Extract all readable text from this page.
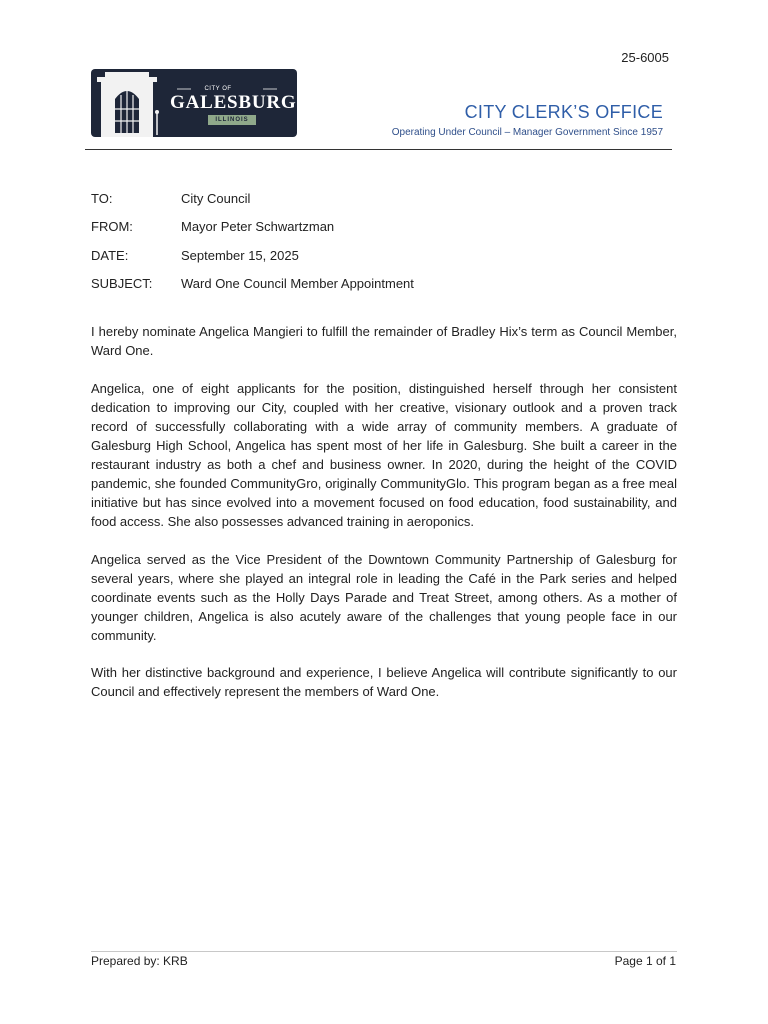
25-6005
CITY OF
GALESBURG
ILLINOIS	CITY CLERK’S OFFICE
Operating Under Council – Manager Government Since 1957
TO:	City Council
FROM:	Mayor Peter Schwartzman
DATE:	September 15, 2025
SUBJECT: Ward One Council Member Appointment

I hereby nominate Angelica Mangieri to fulfill the remainder of Bradley Hix’s term as Council Member, Ward One.

Angelica, one of eight applicants for the position, distinguished herself through her consistent dedication to improving our City, coupled with her creative, visionary outlook and a proven track record of successfully collaborating with a wide array of community members. A graduate of Galesburg High School, Angelica has spent most of her life in Galesburg. She built a career in the restaurant industry as both a chef and business owner. In 2020, during the height of the COVID pandemic, she founded CommunityGro, originally CommunityGlo. This program began as a free meal initiative but has since evolved into a movement focused on food education, food sustainability, and food access. She also possesses advanced training in aeroponics.

Angelica served as the Vice President of the Downtown Community Partnership of Galesburg for several years, where she played an integral role in leading the Café in the Park series and helped coordinate events such as the Holly Days Parade and Treat Street, among others. As a mother of younger children, Angelica is also acutely aware of the challenges that young people face in our community.

With her distinctive background and experience, I believe Angelica will contribute significantly to our Council and effectively represent the members of Ward One.

Prepared by: KRB	Page 1 of 1
